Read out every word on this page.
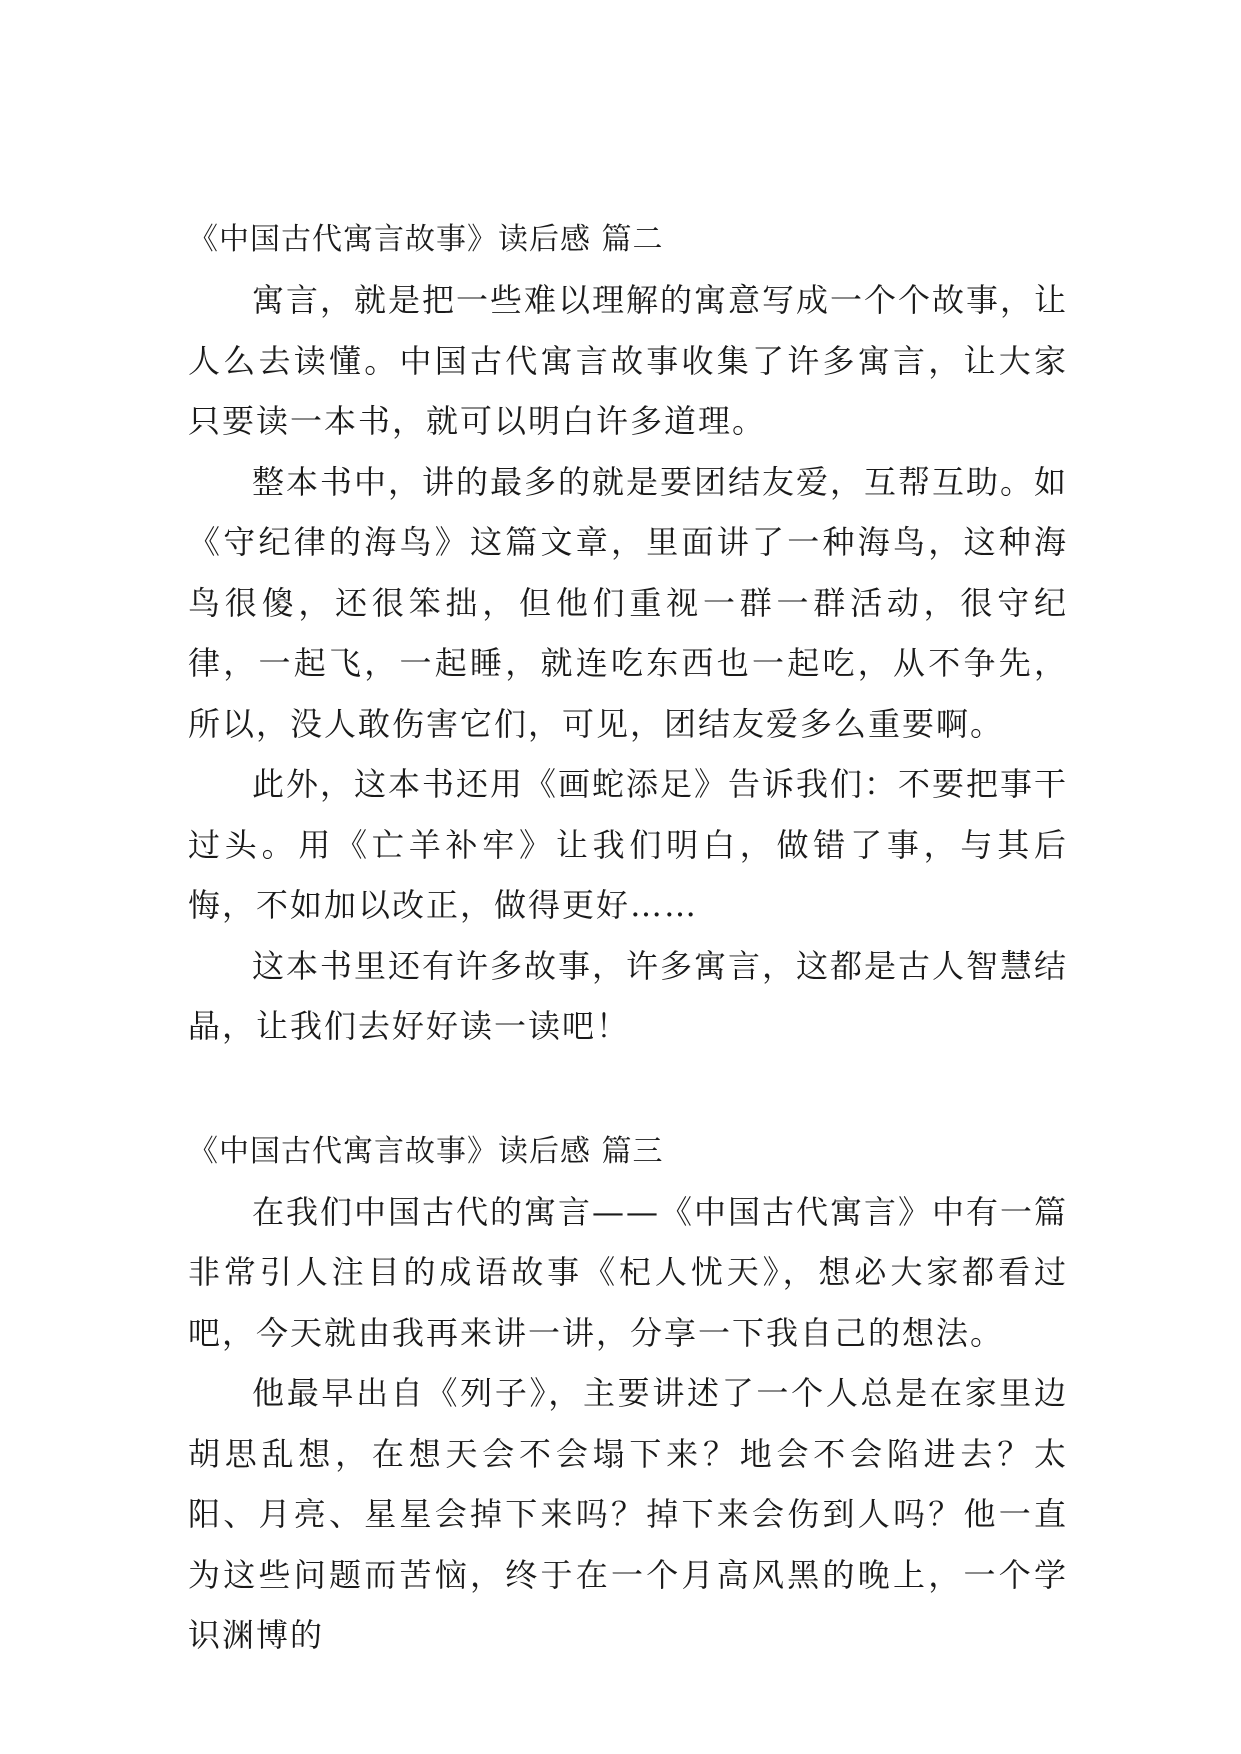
《中国古代寓言故事》读后感 篇二

寓言，就是把一些难以理解的寓意写成一个个故事，让人么去读懂。中国古代寓言故事收集了许多寓言，让大家只要读一本书，就可以明白许多道理。

整本书中，讲的最多的就是要团结友爱，互帮互助。如《守纪律的海鸟》这篇文章，里面讲了一种海鸟，这种海鸟很傻，还很笨拙，但他们重视一群一群活动，很守纪律，一起飞，一起睡，就连吃东西也一起吃，从不争先，所以，没人敢伤害它们，可见，团结友爱多么重要啊。

此外，这本书还用《画蛇添足》告诉我们：不要把事干过头。用《亡羊补牢》让我们明白，做错了事，与其后悔，不如加以改正，做得更好……

这本书里还有许多故事，许多寓言，这都是古人智慧结晶，让我们去好好读一读吧！

《中国古代寓言故事》读后感 篇三

在我们中国古代的寓言——《中国古代寓言》中有一篇非常引人注目的成语故事《杞人忧天》，想必大家都看过吧，今天就由我再来讲一讲，分享一下我自己的想法。

他最早出自《列子》，主要讲述了一个人总是在家里边胡思乱想，在想天会不会塌下来？地会不会陷进去？太阳、月亮、星星会掉下来吗？掉下来会伤到人吗？他一直为这些问题而苦恼，终于在一个月高风黑的晚上，一个学识渊博的
